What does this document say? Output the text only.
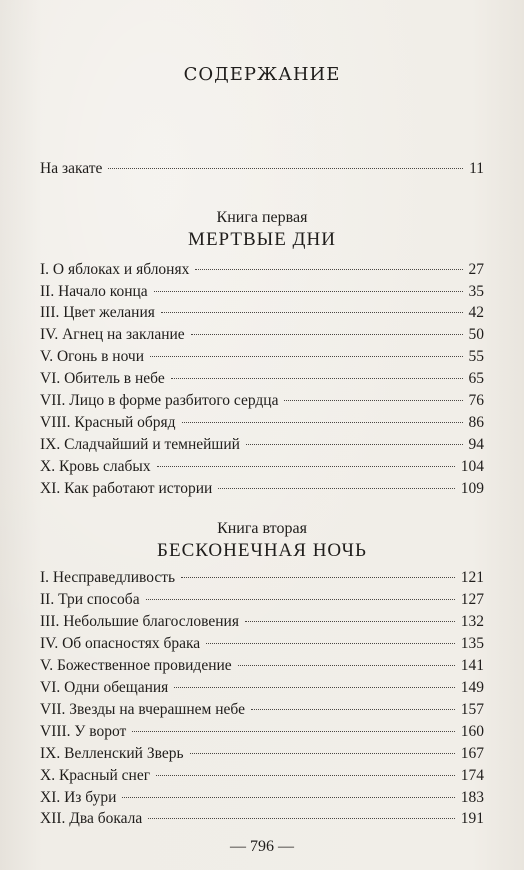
СОДЕРЖАНИЕ
На закате	11
Книга первая
МЕРТВЫЕ ДНИ
I. О яблоках и яблонях	27
II. Начало конца	35
III. Цвет желания	42
IV. Агнец на заклание	50
V. Огонь в ночи	55
VI. Обитель в небе	65
VII. Лицо в форме разбитого сердца	76
VIII. Красный обряд	86
IX. Сладчайший и темнейший	94
X. Кровь слабых	104
XI. Как работают истории	109
Книга вторая
БЕСКОНЕЧНАЯ НОЧЬ
I. Несправедливость	121
II. Три способа	127
III. Небольшие благословения	132
IV. Об опасностях брака	135
V. Божественное провидение	141
VI. Одни обещания	149
VII. Звезды на вчерашнем небе	157
VIII. У ворот	160
IX. Велленский Зверь	167
X. Красный снег	174
XI. Из бури	183
XII. Два бокала	191
— 796 —
